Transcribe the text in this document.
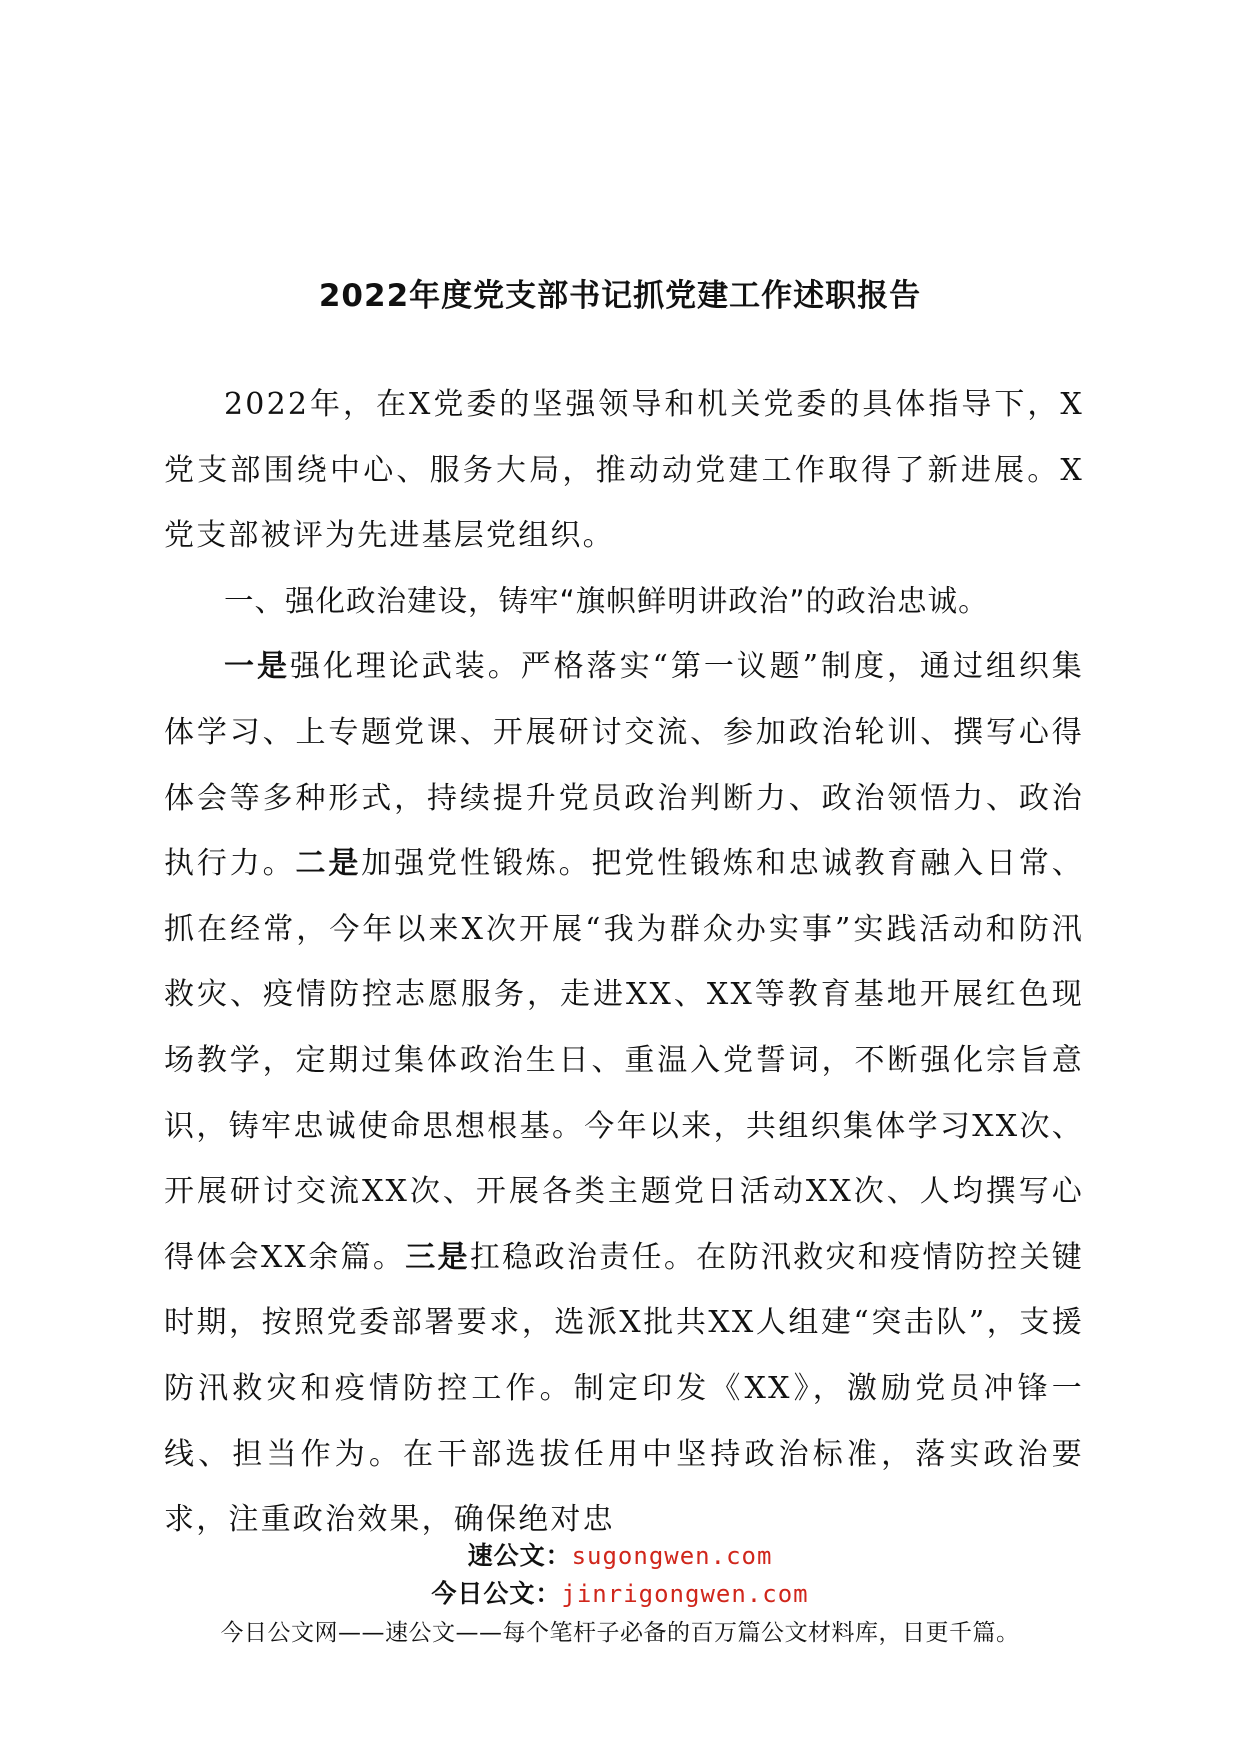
2022年度党支部书记抓党建工作述职报告

2022年，在X党委的坚强领导和机关党委的具体指导下，X党支部围绕中心、服务大局，推动动党建工作取得了新进展。X党支部被评为先进基层党组织。

一、强化政治建设，铸牢“旗帜鲜明讲政治”的政治忠诚。

一是强化理论武装。严格落实“第一议题”制度，通过组织集体学习、上专题党课、开展研讨交流、参加政治轮训、撰写心得体会等多种形式，持续提升党员政治判断力、政治领悟力、政治执行力。二是加强党性锻炼。把党性锻炼和忠诚教育融入日常、抓在经常，今年以来X次开展“我为群众办实事”实践活动和防汛救灾、疫情防控志愿服务，走进XX、XX等教育基地开展红色现场教学，定期过集体政治生日、重温入党誓词，不断强化宗旨意识，铸牢忠诚使命思想根基。今年以来，共组织集体学习XX次、开展研讨交流XX次、开展各类主题党日活动XX次、人均撰写心得体会XX余篇。三是扛稳政治责任。在防汛救灾和疫情防控关键时期，按照党委部署要求，选派X批共XX人组建“突击队”，支援防汛救灾和疫情防控工作。制定印发《XX》，激励党员冲锋一线、担当作为。在干部选拔任用中坚持政治标准，落实政治要求，注重政治效果，确保绝对忠

速公文：sugongwen.com
今日公文：jinrigongwen.com
今日公文网——速公文——每个笔杆子必备的百万篇公文材料库，日更千篇。
